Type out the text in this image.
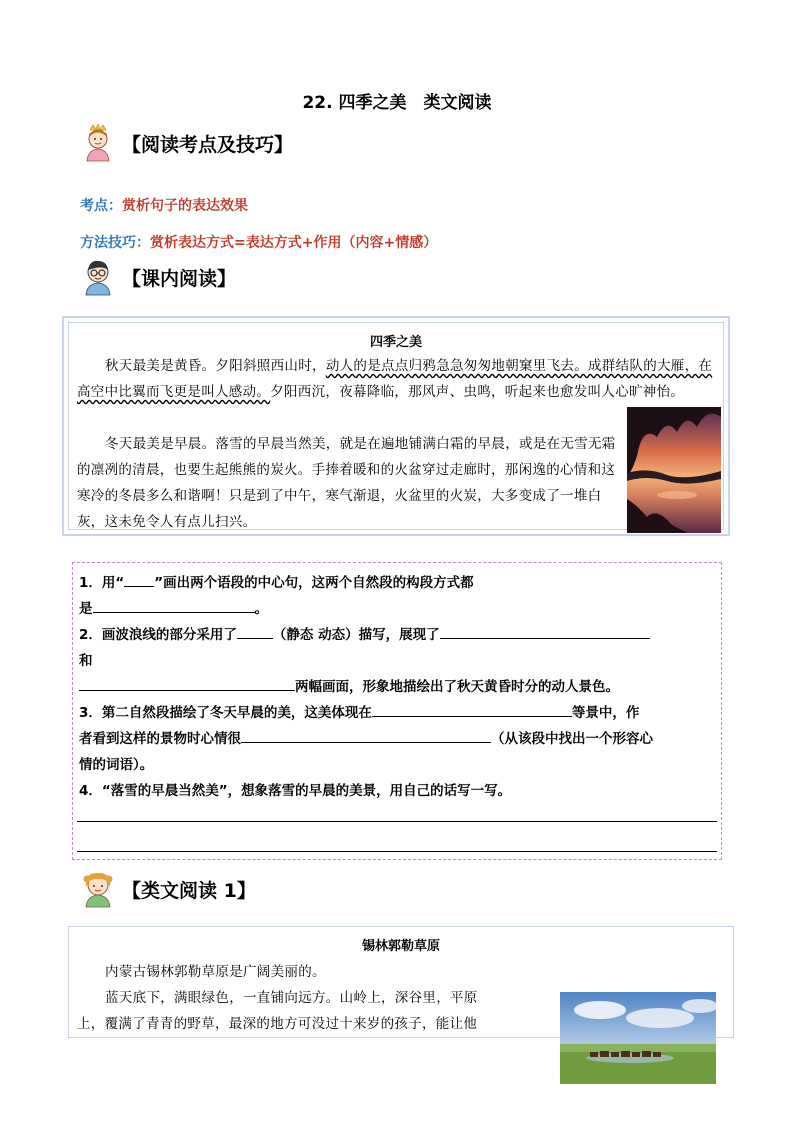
22. 四季之美　类文阅读
【阅读考点及技巧】
考点：赏析句子的表达效果
方法技巧：赏析表达方式=表达方式+作用（内容+情感）
【课内阅读】
四季之美
秋天最美是黄昏。夕阳斜照西山时，动人的是点点归鸦急急匆匆地朝窠里飞去。成群结队的大雁，在高空中比翼而飞更是叫人感动。夕阳西沉，夜幕降临，那风声、虫鸣，听起来也愈发叫人心旷神怡。
冬天最美是早晨。落雪的早晨当然美，就是在遍地铺满白霜的早晨，或是在无雪无霜的凛冽的清晨，也要生起熊熊的炭火。手捧着暖和的火盆穿过走廊时，那闲逸的心情和这寒冷的冬晨多么和谐啊！只是到了中午，寒气渐退，火盆里的火炭，大多变成了一堆白灰，这未免令人有点儿扫兴。
1．用“ ”画出两个语段的中心句，这两个自然段的构段方式都
是	。
2．画波浪线的部分采用了	（静态 动态）描写，展现了
和
两幅画面，形象地描绘出了秋天黄昏时分的动人景色。
3．第二自然段描绘了冬天早晨的美，这美体现在	等景中，作
者看到这样的景物时心情很	（从该段中找出一个形容心
情的词语）。
4．“落雪的早晨当然美”，想象落雪的早晨的美景，用自己的话写一写。
【类文阅读 1】
锡林郭勒草原
内蒙古锡林郭勒草原是广阔美丽的。
蓝天底下，满眼绿色，一直铺向远方。山岭上，深谷里，平原
上，覆满了青青的野草，最深的地方可没过十来岁的孩子，能让他
